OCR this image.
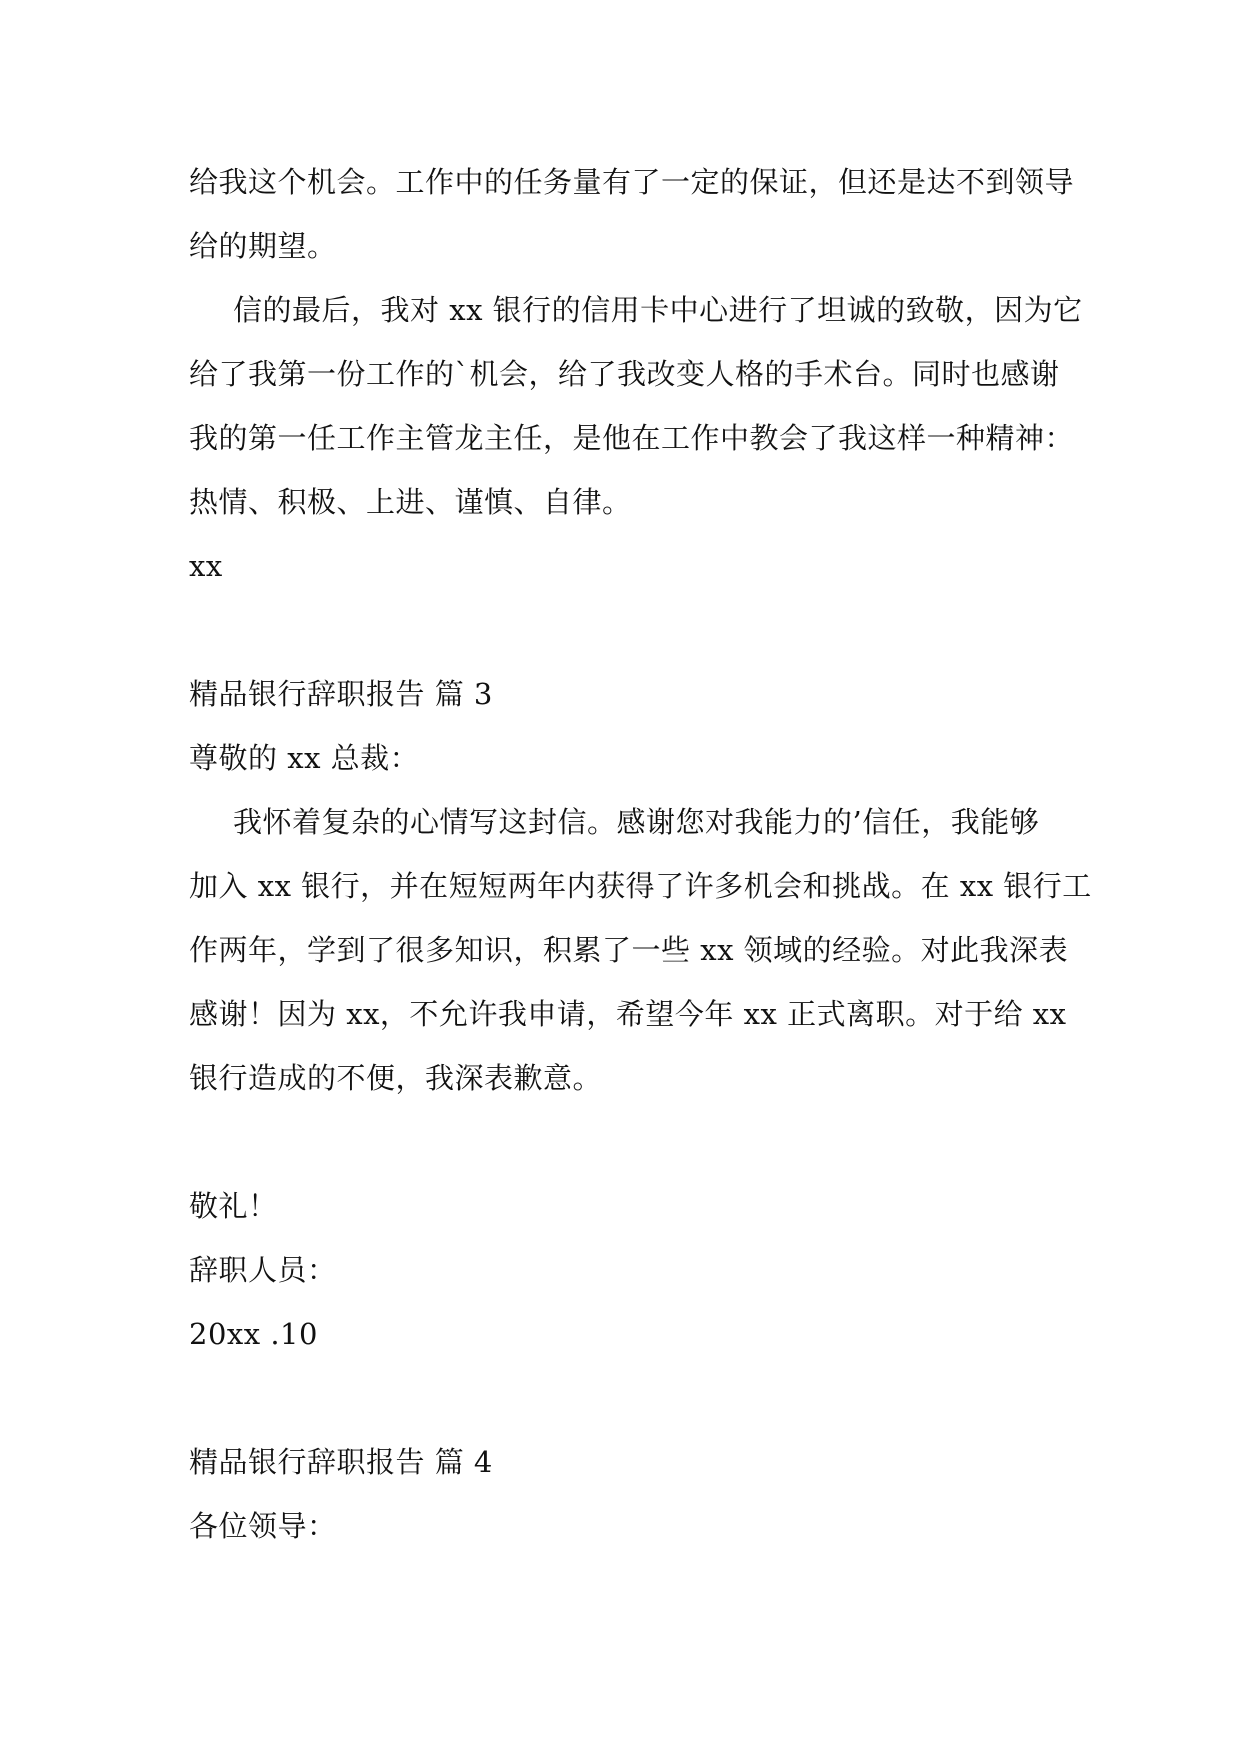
给我这个机会。工作中的任务量有了一定的保证，但还是达不到领导
给的期望。
信的最后，我对 xx 银行的信用卡中心进行了坦诚的致敬，因为它
给了我第一份工作的`机会，给了我改变人格的手术台。同时也感谢
我的第一任工作主管龙主任，是他在工作中教会了我这样一种精神：
热情、积极、上进、谨慎、自律。
xx
精品银行辞职报告 篇 3
尊敬的 xx 总裁：
我怀着复杂的心情写这封信。感谢您对我能力的’信任，我能够
加入 xx 银行，并在短短两年内获得了许多机会和挑战。在 xx 银行工
作两年，学到了很多知识，积累了一些 xx 领域的经验。对此我深表
感谢！因为 xx，不允许我申请，希望今年 xx 正式离职。对于给 xx
银行造成的不便，我深表歉意。
敬礼！
辞职人员：
20xx .10
精品银行辞职报告 篇 4
各位领导：
